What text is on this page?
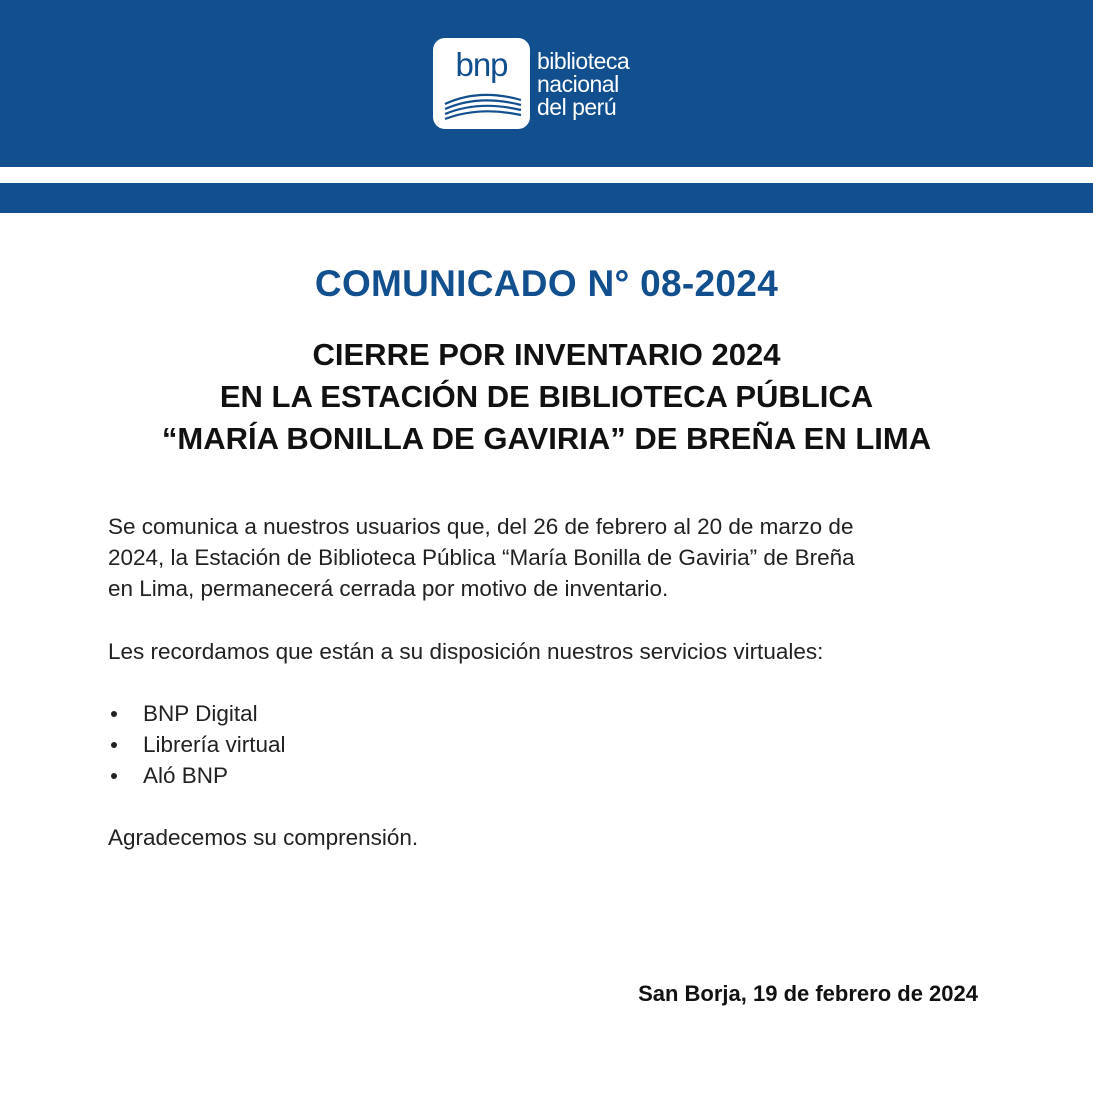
bnp	biblioteca
nacional
del perú
COMUNICADO N° 08-2024
CIERRE POR INVENTARIO 2024
EN LA ESTACIÓN DE BIBLIOTECA PÚBLICA
“MARÍA BONILLA DE GAVIRIA” DE BREÑA EN LIMA
Se comunica a nuestros usuarios que, del 26 de febrero al 20 de marzo de
2024, la Estación de Biblioteca Pública “María Bonilla de Gaviria” de Breña
en Lima, permanecerá cerrada por motivo de inventario.
Les recordamos que están a su disposición nuestros servicios virtuales:
BNP Digital
Librería virtual
Aló BNP
Agradecemos su comprensión.
San Borja, 19 de febrero de 2024
